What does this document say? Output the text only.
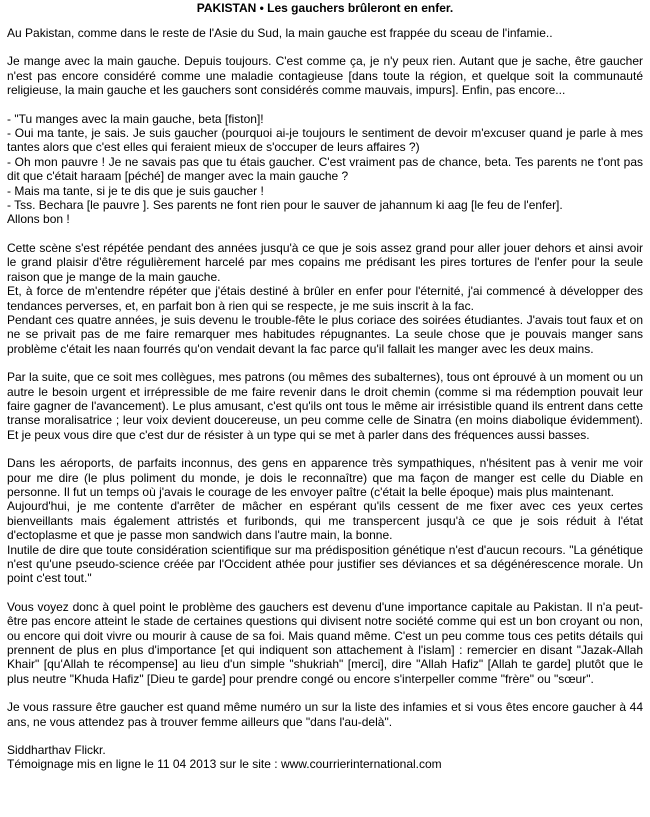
PAKISTAN • Les gauchers brûleront en enfer.

Au Pakistan, comme dans le reste de l'Asie du Sud, la main gauche est frappée du sceau de l'infamie..

Je mange avec la main gauche. Depuis toujours. C'est comme ça, je n'y peux rien. Autant que je sache, être gaucher n'est pas encore considéré comme une maladie contagieuse [dans toute la région, et quelque soit la communauté religieuse, la main gauche et les gauchers sont considérés comme mauvais, impurs]. Enfin, pas encore...

- "Tu manges avec la main gauche, beta [fiston]!
- Oui ma tante, je sais. Je suis gaucher (pourquoi ai-je toujours le sentiment de devoir m'excuser quand je parle à mes tantes alors que c'est elles qui feraient mieux de s'occuper de leurs affaires ?)
- Oh mon pauvre ! Je ne savais pas que tu étais gaucher. C'est vraiment pas de chance, beta. Tes parents ne t'ont pas dit que c'était haraam [péché] de manger avec la main gauche ?
- Mais ma tante, si je te dis que je suis gaucher !
- Tss. Bechara [le pauvre ]. Ses parents ne font rien pour le sauver de jahannum ki aag [le feu de l'enfer].
Allons bon !

Cette scène s'est répétée pendant des années jusqu'à ce que je sois assez grand pour aller jouer dehors et ainsi avoir le grand plaisir d'être régulièrement harcelé par mes copains me prédisant les pires tortures de l'enfer pour la seule raison que je mange de la main gauche.
Et, à force de m'entendre répéter que j'étais destiné à brûler en enfer pour l'éternité, j'ai commencé à développer des tendances perverses, et, en parfait bon à rien qui se respecte, je me suis inscrit à la fac.
Pendant ces quatre années, je suis devenu le trouble-fête le plus coriace des soirées étudiantes. J'avais tout faux et on ne se privait pas de me faire remarquer mes habitudes répugnantes. La seule chose que je pouvais manger sans problème c'était les naan fourrés qu'on vendait devant la fac parce qu'il fallait les manger avec les deux mains.

Par la suite, que ce soit mes collègues, mes patrons (ou mêmes des subalternes), tous ont éprouvé à un moment ou un autre le besoin urgent et irrépressible de me faire revenir dans le droit chemin (comme si ma rédemption pouvait leur faire gagner de l'avancement). Le plus amusant, c'est qu'ils ont tous le même air irrésistible quand ils entrent dans cette transe moralisatrice ; leur voix devient doucereuse, un peu comme celle de Sinatra (en moins diabolique évidemment). Et je peux vous dire que c'est dur de résister à un type qui se met à parler dans des fréquences aussi basses.

Dans les aéroports, de parfaits inconnus, des gens en apparence très sympathiques, n'hésitent pas à venir me voir pour me dire (le plus poliment du monde, je dois le reconnaître) que ma façon de manger est celle du Diable en personne. Il fut un temps où j'avais le courage de les envoyer paître (c'était la belle époque) mais plus maintenant.
Aujourd'hui, je me contente d'arrêter de mâcher en espérant qu'ils cessent de me fixer avec ces yeux certes bienveillants mais également attristés et furibonds, qui me transpercent jusqu'à ce que je sois réduit à l'état d'ectoplasme et que je passe mon sandwich dans l'autre main, la bonne.
Inutile de dire que toute considération scientifique sur ma prédisposition génétique n'est d'aucun recours. "La génétique n'est qu'une pseudo-science créée par l'Occident athée pour justifier ses déviances et sa dégénérescence morale. Un point c'est tout."

Vous voyez donc à quel point le problème des gauchers est devenu d'une importance capitale au Pakistan. Il n'a peut-être pas encore atteint le stade de certaines questions qui divisent notre société comme qui est un bon croyant ou non, ou encore qui doit vivre ou mourir à cause de sa foi. Mais quand même. C'est un peu comme tous ces petits détails qui prennent de plus en plus d'importance [et qui indiquent son attachement à l'islam] : remercier en disant "Jazak-Allah Khair" [qu'Allah te récompense] au lieu d'un simple "shukriah" [merci], dire "Allah Hafiz" [Allah te garde] plutôt que le plus neutre "Khuda Hafiz" [Dieu te garde] pour prendre congé ou encore s'interpeller comme "frère" ou "sœur".

Je vous rassure être gaucher est quand même numéro un sur la liste des infamies et si vous êtes encore gaucher à 44 ans, ne vous attendez pas à trouver femme ailleurs que "dans l'au-delà".

Siddharthav Flickr.
Témoignage mis en ligne le 11 04 2013 sur le site : www.courrierinternational.com
